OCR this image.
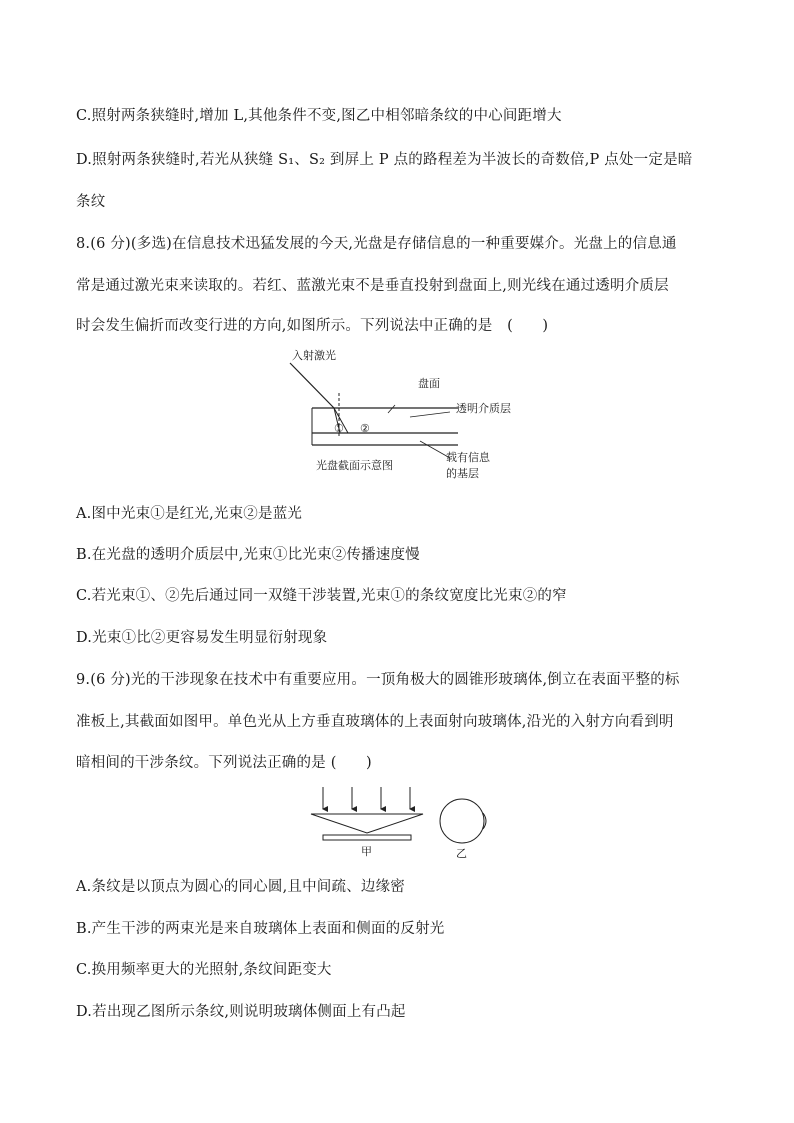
C.照射两条狭缝时,增加 L,其他条件不变,图乙中相邻暗条纹的中心间距增大
D.照射两条狭缝时,若光从狭缝 S₁、S₂ 到屏上 P 点的路程差为半波长的奇数倍,P 点处一定是暗
条纹
8.(6 分)(多选)在信息技术迅猛发展的今天,光盘是存储信息的一种重要媒介。光盘上的信息通
常是通过激光束来读取的。若红、蓝激光束不是垂直投射到盘面上,则光线在通过透明介质层
时会发生偏折而改变行进的方向,如图所示。下列说法中正确的是　(　　)
入射激光
盘面
透明介质层
① ②
载有信息
的基层
光盘截面示意图
A.图中光束①是红光,光束②是蓝光
B.在光盘的透明介质层中,光束①比光束②传播速度慢
C.若光束①、②先后通过同一双缝干涉装置,光束①的条纹宽度比光束②的窄
D.光束①比②更容易发生明显衍射现象
9.(6 分)光的干涉现象在技术中有重要应用。一顶角极大的圆锥形玻璃体,倒立在表面平整的标
准板上,其截面如图甲。单色光从上方垂直玻璃体的上表面射向玻璃体,沿光的入射方向看到明
暗相间的干涉条纹。下列说法正确的是 (　　)
甲	乙
A.条纹是以顶点为圆心的同心圆,且中间疏、边缘密
B.产生干涉的两束光是来自玻璃体上表面和侧面的反射光
C.换用频率更大的光照射,条纹间距变大
D.若出现乙图所示条纹,则说明玻璃体侧面上有凸起
